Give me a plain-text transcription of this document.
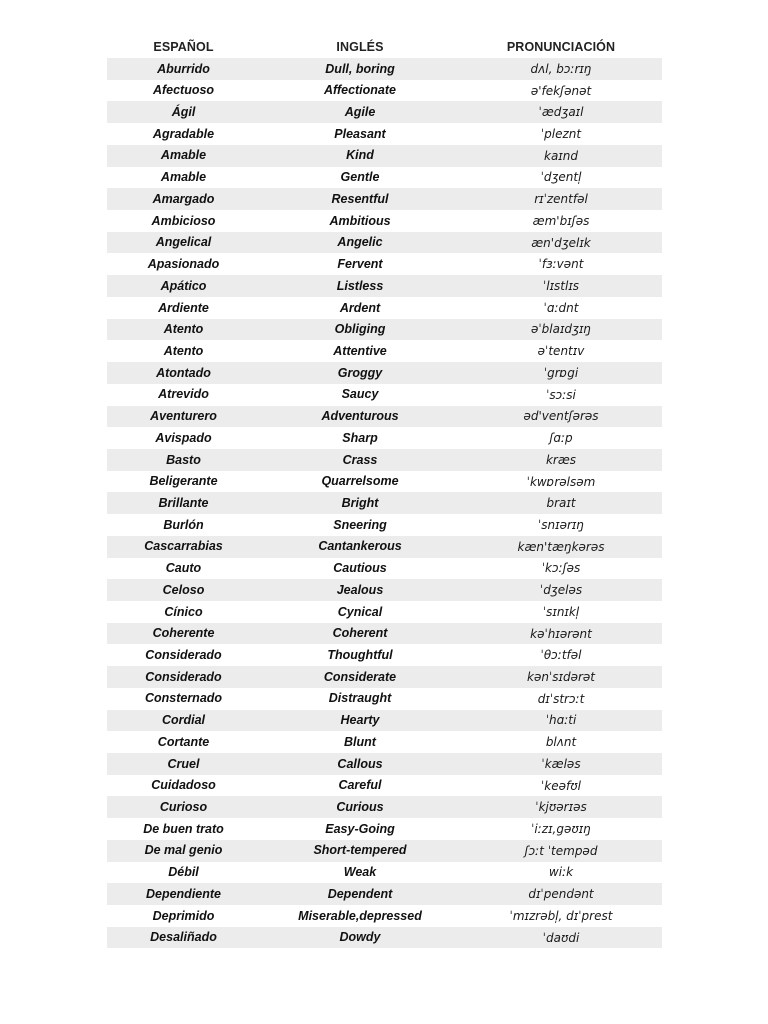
ESPAÑOL	INGLÉS	PRONUNCIACIÓN
Aburrido	Dull, boring	dʌl, bɔːrɪŋ
Afectuoso	Affectionate	ə'fekʃənət
Ágil	Agile	ˈædʒaɪl
Agradable	Pleasant	ˈpleznt
Amable	Kind	kaɪnd
Amable	Gentle	ˈdʒentl̩
Amargado	Resentful	rɪˈzentfəl
Ambicioso	Ambitious	æm'bɪʃəs
Angelical	Angelic	æn'dʒelɪk
Apasionado	Fervent	ˈfɜːvənt
Apático	Listless	ˈlɪstlɪs
Ardiente	Ardent	ˈɑːdnt
Atento	Obliging	əˈblaɪdʒɪŋ
Atento	Attentive	əˈtentɪv
Atontado	Groggy	ˈgrɒgi
Atrevido	Saucy	ˈsɔːsi
Aventurero	Adventurous	əd'ventʃərəs
Avispado	Sharp	ʃɑːp
Basto	Crass	kræs
Beligerante	Quarrelsome	ˈkwɒrəlsəm
Brillante	Bright	braɪt
Burlón	Sneering	ˈsnɪərɪŋ
Cascarrabias	Cantankerous	kæn'tæŋkərəs
Cauto	Cautious	ˈkɔːʃəs
Celoso	Jealous	ˈdʒeləs
Cínico	Cynical	ˈsɪnɪkl̩
Coherente	Coherent	kəˈhɪərənt
Considerado	Thoughtful	ˈθɔːtfəl
Considerado	Considerate	kənˈsɪdərət
Consternado	Distraught	dɪˈstrɔːt
Cordial	Hearty	ˈhɑːti
Cortante	Blunt	blʌnt
Cruel	Callous	ˈkæləs
Cuidadoso	Careful	ˈkeəfʊl
Curioso	Curious	ˈkjʊərɪəs
De buen trato	Easy-Going	ˈiːzɪ,gəʊɪŋ
De mal genio	Short-tempered	ʃɔːt ˈtempəd
Débil	Weak	wiːk
Dependiente	Dependent	dɪˈpendənt
Deprimido	Miserable,depressed	ˈmɪzrəbl̩, dɪˈprest
Desaliñado	Dowdy	ˈdaʊdi
